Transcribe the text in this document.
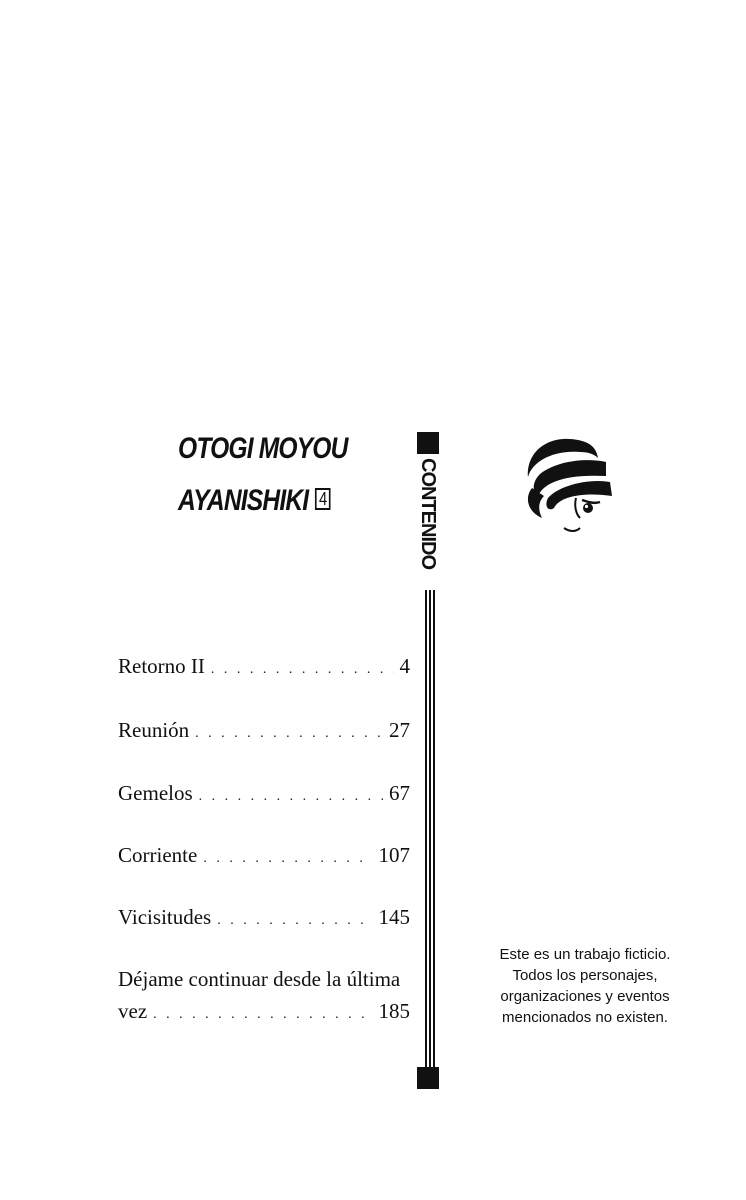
OTOGI MOYOU
AYANISHIKI 4	CONTENIDO
Retorno II . . .	4
Reunión . . .	27
Gemelos . . .	67
Corriente . . .	107
Vicisitudes . . .	145
Déjame continuar desde la última
vez . . .	185
Este es un trabajo ficticio.
Todos los personajes,
organizaciones y eventos
mencionados no existen.
